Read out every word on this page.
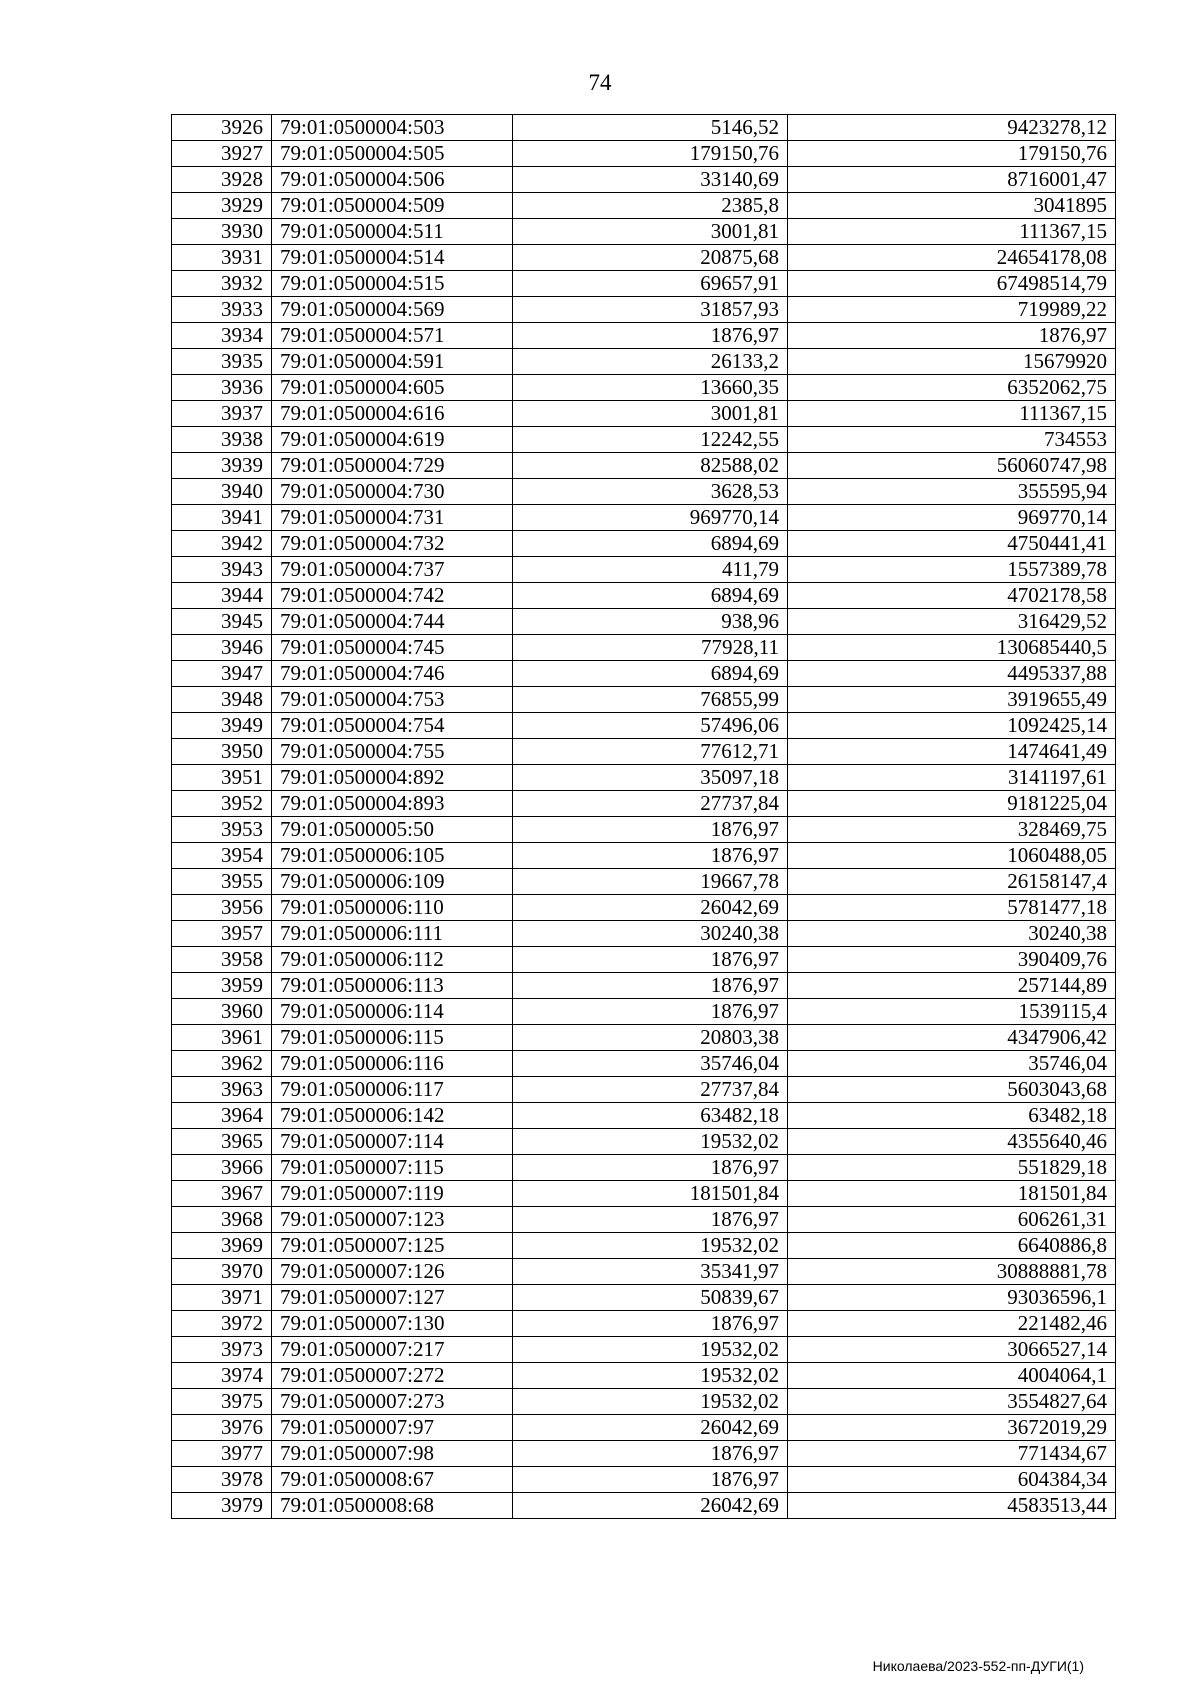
74
3926	79:01:0500004:503	5146,52	9423278,12
3927	79:01:0500004:505	179150,76	179150,76
3928	79:01:0500004:506	33140,69	8716001,47
3929	79:01:0500004:509	2385,8	3041895
3930	79:01:0500004:511	3001,81	111367,15
3931	79:01:0500004:514	20875,68	24654178,08
3932	79:01:0500004:515	69657,91	67498514,79
3933	79:01:0500004:569	31857,93	719989,22
3934	79:01:0500004:571	1876,97	1876,97
3935	79:01:0500004:591	26133,2	15679920
3936	79:01:0500004:605	13660,35	6352062,75
3937	79:01:0500004:616	3001,81	111367,15
3938	79:01:0500004:619	12242,55	734553
3939	79:01:0500004:729	82588,02	56060747,98
3940	79:01:0500004:730	3628,53	355595,94
3941	79:01:0500004:731	969770,14	969770,14
3942	79:01:0500004:732	6894,69	4750441,41
3943	79:01:0500004:737	411,79	1557389,78
3944	79:01:0500004:742	6894,69	4702178,58
3945	79:01:0500004:744	938,96	316429,52
3946	79:01:0500004:745	77928,11	130685440,5
3947	79:01:0500004:746	6894,69	4495337,88
3948	79:01:0500004:753	76855,99	3919655,49
3949	79:01:0500004:754	57496,06	1092425,14
3950	79:01:0500004:755	77612,71	1474641,49
3951	79:01:0500004:892	35097,18	3141197,61
3952	79:01:0500004:893	27737,84	9181225,04
3953	79:01:0500005:50	1876,97	328469,75
3954	79:01:0500006:105	1876,97	1060488,05
3955	79:01:0500006:109	19667,78	26158147,4
3956	79:01:0500006:110	26042,69	5781477,18
3957	79:01:0500006:111	30240,38	30240,38
3958	79:01:0500006:112	1876,97	390409,76
3959	79:01:0500006:113	1876,97	257144,89
3960	79:01:0500006:114	1876,97	1539115,4
3961	79:01:0500006:115	20803,38	4347906,42
3962	79:01:0500006:116	35746,04	35746,04
3963	79:01:0500006:117	27737,84	5603043,68
3964	79:01:0500006:142	63482,18	63482,18
3965	79:01:0500007:114	19532,02	4355640,46
3966	79:01:0500007:115	1876,97	551829,18
3967	79:01:0500007:119	181501,84	181501,84
3968	79:01:0500007:123	1876,97	606261,31
3969	79:01:0500007:125	19532,02	6640886,8
3970	79:01:0500007:126	35341,97	30888881,78
3971	79:01:0500007:127	50839,67	93036596,1
3972	79:01:0500007:130	1876,97	221482,46
3973	79:01:0500007:217	19532,02	3066527,14
3974	79:01:0500007:272	19532,02	4004064,1
3975	79:01:0500007:273	19532,02	3554827,64
3976	79:01:0500007:97	26042,69	3672019,29
3977	79:01:0500007:98	1876,97	771434,67
3978	79:01:0500008:67	1876,97	604384,34
3979	79:01:0500008:68	26042,69	4583513,44
Николаева/2023-552-пп-ДУГИ(1)
